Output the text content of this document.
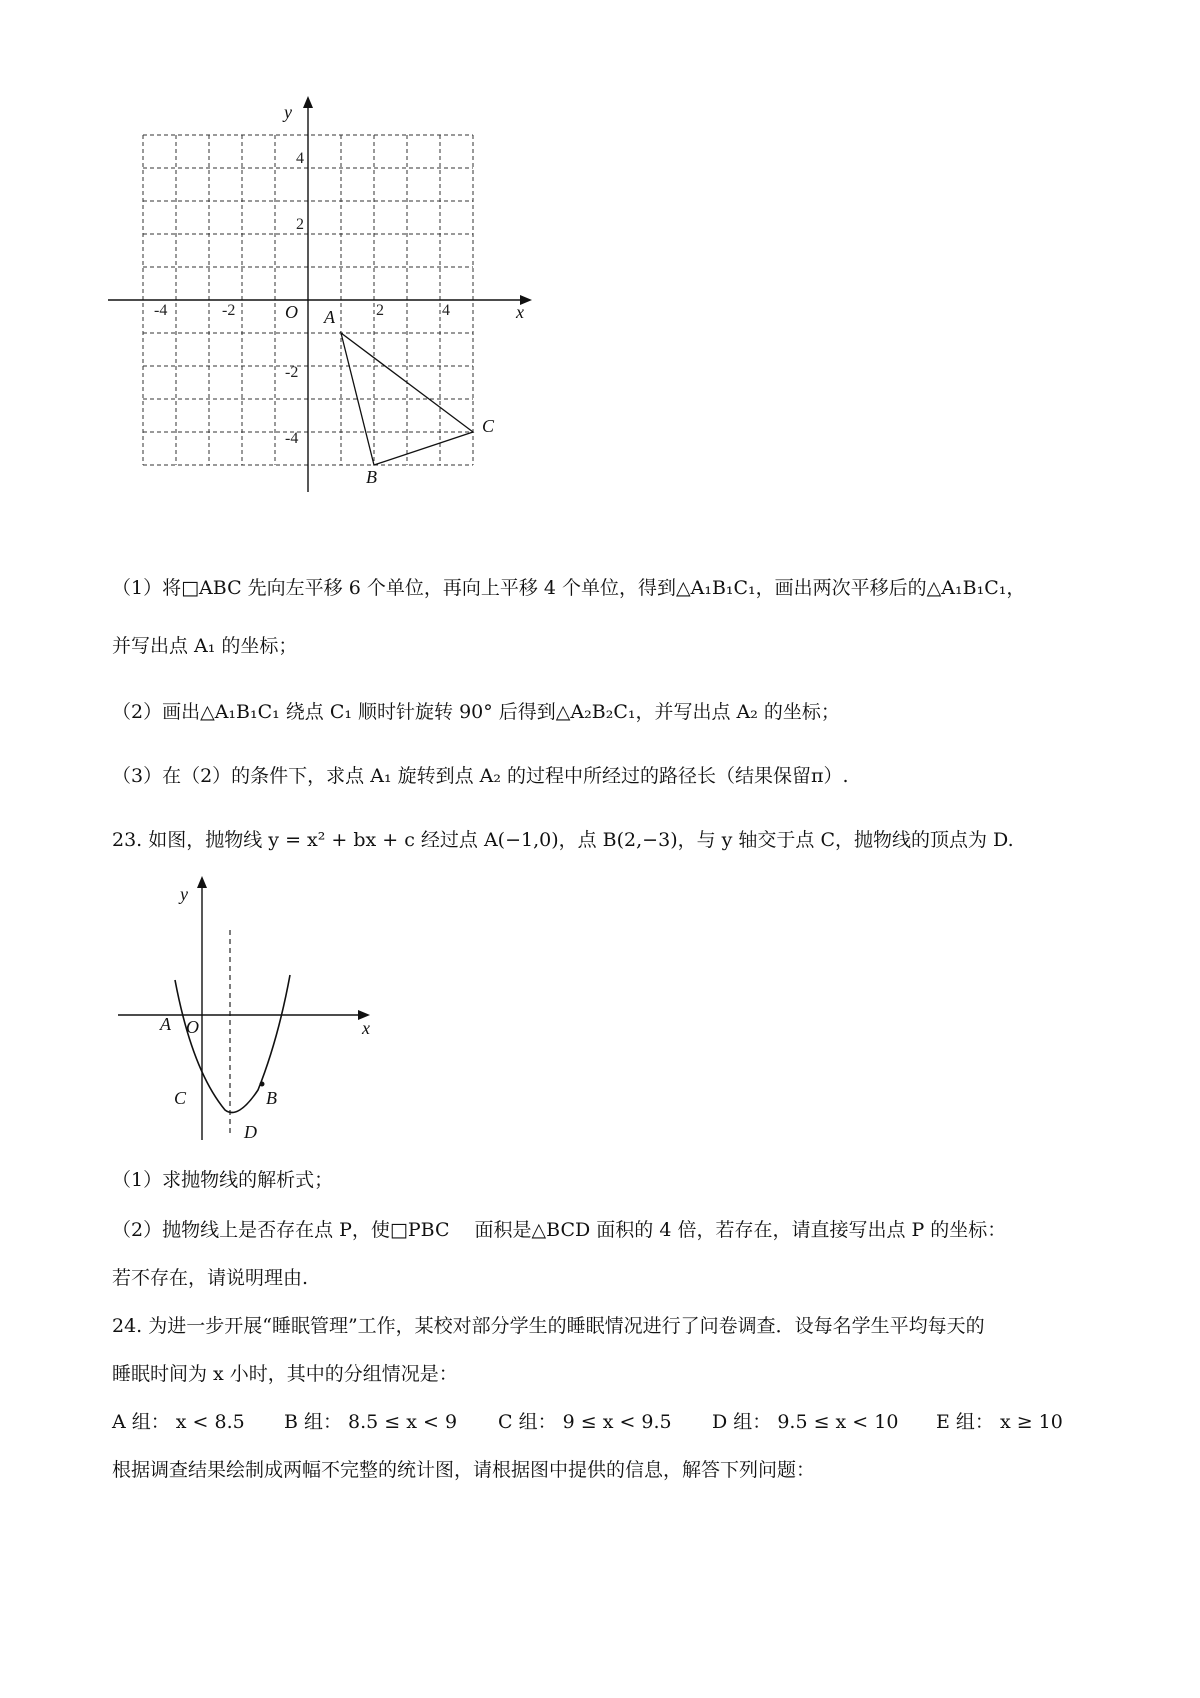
x
y
O
-4	-2	2	4
4
2
-2
-4
A
B
C
（1）将□ABC 先向左平移 6 个单位，再向上平移 4 个单位，得到△A₁B₁C₁，画出两次平移后的△A₁B₁C₁，
并写出点 A₁ 的坐标；
（2）画出△A₁B₁C₁ 绕点 C₁ 顺时针旋转 90° 后得到△A₂B₂C₁，并写出点 A₂ 的坐标；
（3）在（2）的条件下，求点 A₁ 旋转到点 A₂ 的过程中所经过的路径长（结果保留π）.
23. 如图，抛物线 y = x² + bx + c 经过点 A(−1,0)，点 B(2,−3)，与 y 轴交于点 C，抛物线的顶点为 D.
x
y
A O
C	B
D
（1）求抛物线的解析式；
（2）抛物线上是否存在点 P，使□PBC　 面积是△BCD 面积的 4 倍，若存在，请直接写出点 P 的坐标：
若不存在，请说明理由.
24. 为进一步开展“睡眠管理”工作，某校对部分学生的睡眠情况进行了问卷调查．设每名学生平均每天的
睡眠时间为 x 小时，其中的分组情况是：
A 组： x < 8.5 B 组： 8.5 ≤ x < 9 C 组： 9 ≤ x < 9.5 D 组： 9.5 ≤ x < 10 E 组： x ≥ 10
根据调查结果绘制成两幅不完整的统计图，请根据图中提供的信息，解答下列问题：
